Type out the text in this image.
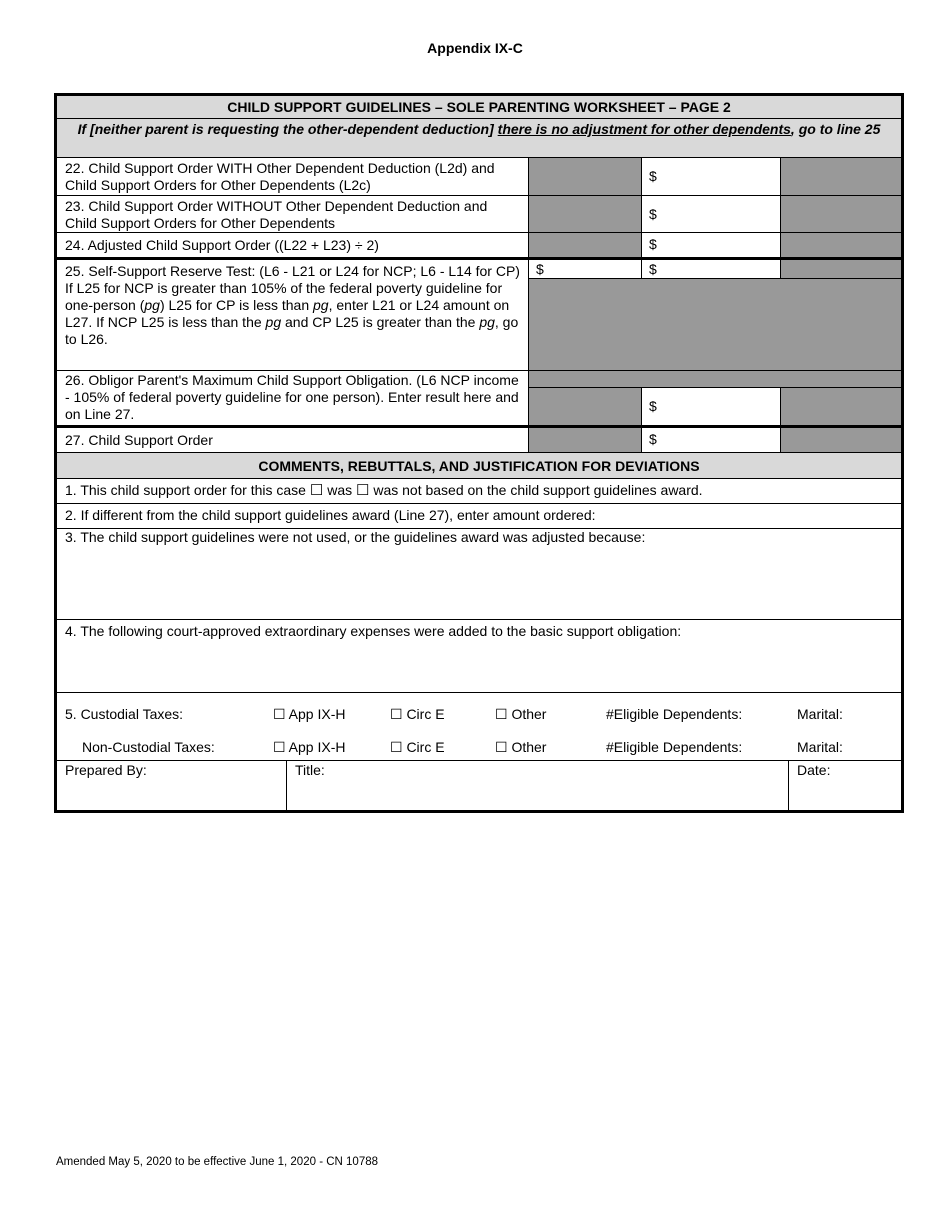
Appendix IX-C
CHILD SUPPORT GUIDELINES – SOLE PARENTING WORKSHEET – PAGE 2
If [neither parent is requesting the other-dependent deduction] there is no adjustment for other dependents, go to line 25
22. Child Support Order WITH Other Dependent Deduction (L2d) and Child Support Orders for Other Dependents (L2c)
$
23. Child Support Order WITHOUT Other Dependent Deduction and Child Support Orders for Other Dependents
$
24. Adjusted Child Support Order ((L22 + L23) ÷ 2)	$
25. Self-Support Reserve Test: (L6 - L21 or L24 for NCP; L6 - L14 for CP) If L25 for NCP is greater than 105% of the federal poverty guideline for one-person (pg) L25 for CP is less than pg, enter L21 or L24 amount on L27. If NCP L25 is less than the pg and CP L25 is greater than the pg, go to L26.
$	$
26. Obligor Parent's Maximum Child Support Obligation. (L6 NCP income - 105% of federal poverty guideline for one person). Enter result here and on Line 27.	$
27. Child Support Order	$
COMMENTS, REBUTTALS, AND JUSTIFICATION FOR DEVIATIONS
1. This child support order for this case ☐ was ☐ was not based on the child support guidelines award.
2. If different from the child support guidelines award (Line 27), enter amount ordered:
3. The child support guidelines were not used, or the guidelines award was adjusted because:
4. The following court-approved extraordinary expenses were added to the basic support obligation:
5. Custodial Taxes:	☐ App IX-H	☐ Circ E	☐ Other	#Eligible Dependents:	Marital:
Non-Custodial Taxes:	☐ App IX-H	☐ Circ E	☐ Other	#Eligible Dependents:	Marital:
Prepared By:	Title:	Date:
Amended May 5, 2020 to be effective June 1, 2020 - CN 10788
